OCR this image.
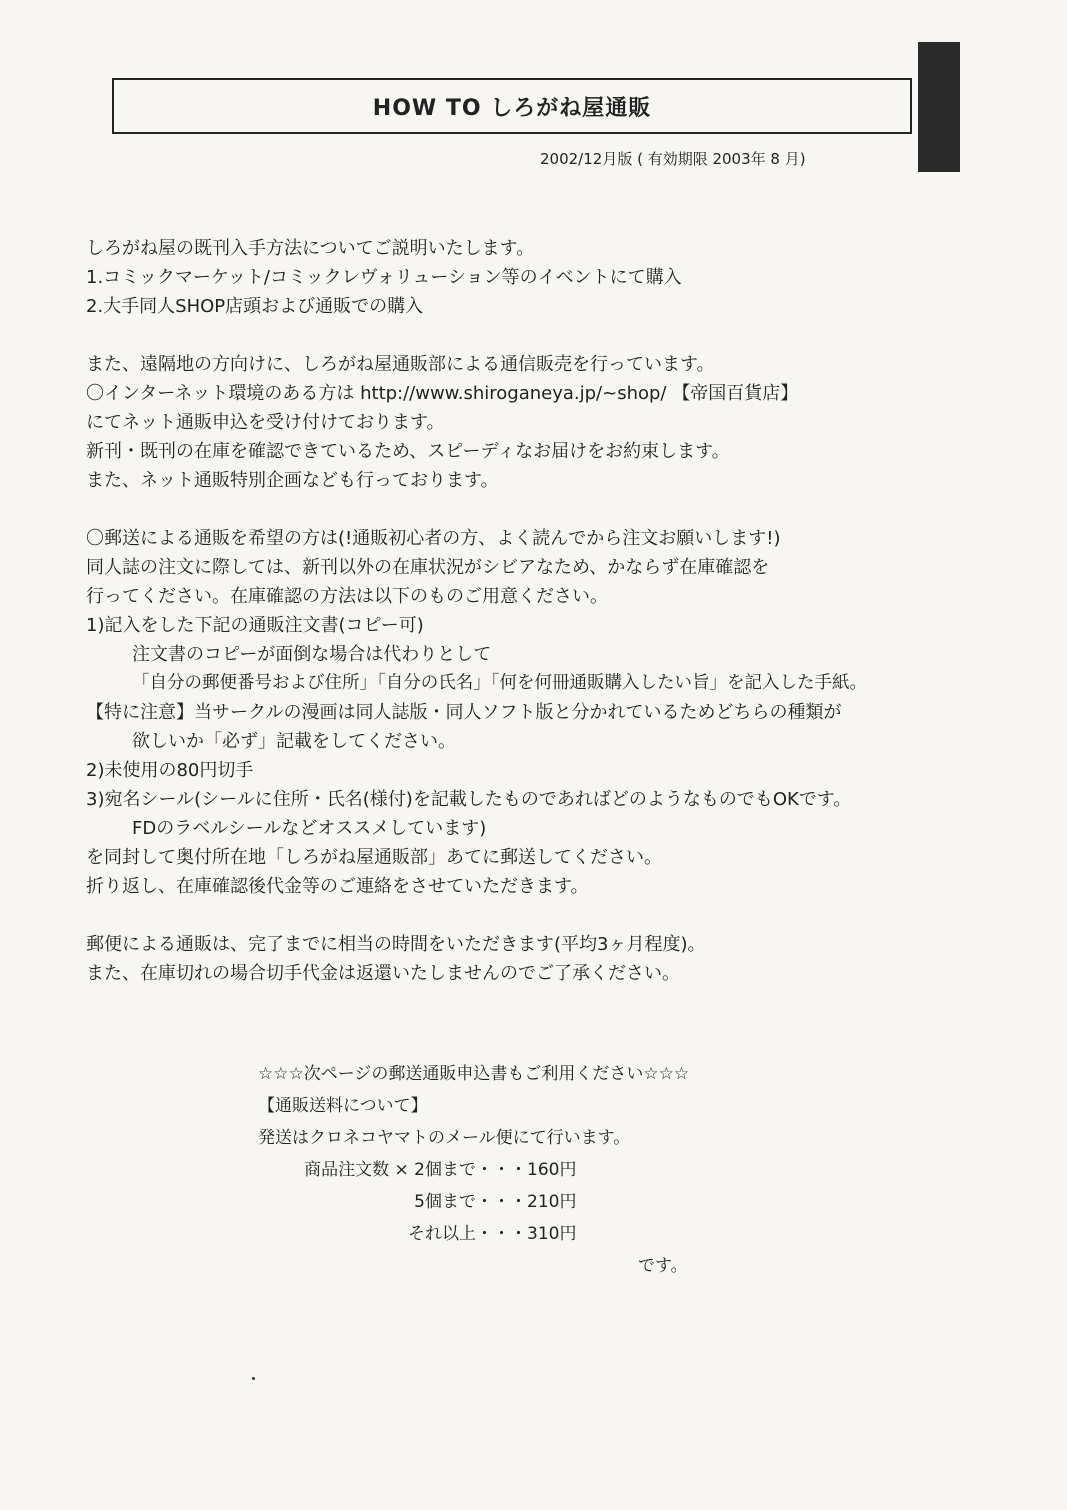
HOW TO しろがね屋通販
2002/12月版 ( 有効期限 2003年 8 月)
しろがね屋の既刊入手方法についてご説明いたします。
1.コミックマーケット/コミックレヴォリューション等のイベントにて購入
2.大手同人SHOP店頭および通販での購入
また、遠隔地の方向けに、しろがね屋通販部による通信販売を行っています。
〇インターネット環境のある方は http://www.shiroganeya.jp/~shop/ 【帝国百貨店】
にてネット通販申込を受け付けております。
新刊・既刊の在庫を確認できているため、スピーディなお届けをお約束します。
また、ネット通販特別企画なども行っております。
〇郵送による通販を希望の方は(!通販初心者の方、よく読んでから注文お願いします!)
同人誌の注文に際しては、新刊以外の在庫状況がシビアなため、かならず在庫確認を
行ってください。在庫確認の方法は以下のものご用意ください。
1)記入をした下記の通販注文書(コピー可)
注文書のコピーが面倒な場合は代わりとして
「自分の郵便番号および住所」「自分の氏名」「何を何冊通販購入したい旨」を記入した手紙。
【特に注意】当サークルの漫画は同人誌版・同人ソフト版と分かれているためどちらの種類が
欲しいか「必ず」記載をしてください。
2)未使用の80円切手
3)宛名シール(シールに住所・氏名(様付)を記載したものであればどのようなものでもOKです。
FDのラベルシールなどオススメしています)
を同封して奥付所在地「しろがね屋通販部」あてに郵送してください。
折り返し、在庫確認後代金等のご連絡をさせていただきます。
郵便による通販は、完了までに相当の時間をいただきます(平均3ヶ月程度)。
また、在庫切れの場合切手代金は返還いたしませんのでご了承ください。
☆☆☆次ページの郵送通販申込書もご利用ください☆☆☆
【通販送料について】
発送はクロネコヤマトのメール便にて行います。
商品注文数 × 2個まで ・・・160円
5個まで ・・・210円
それ以上 ・・・310円
です。
